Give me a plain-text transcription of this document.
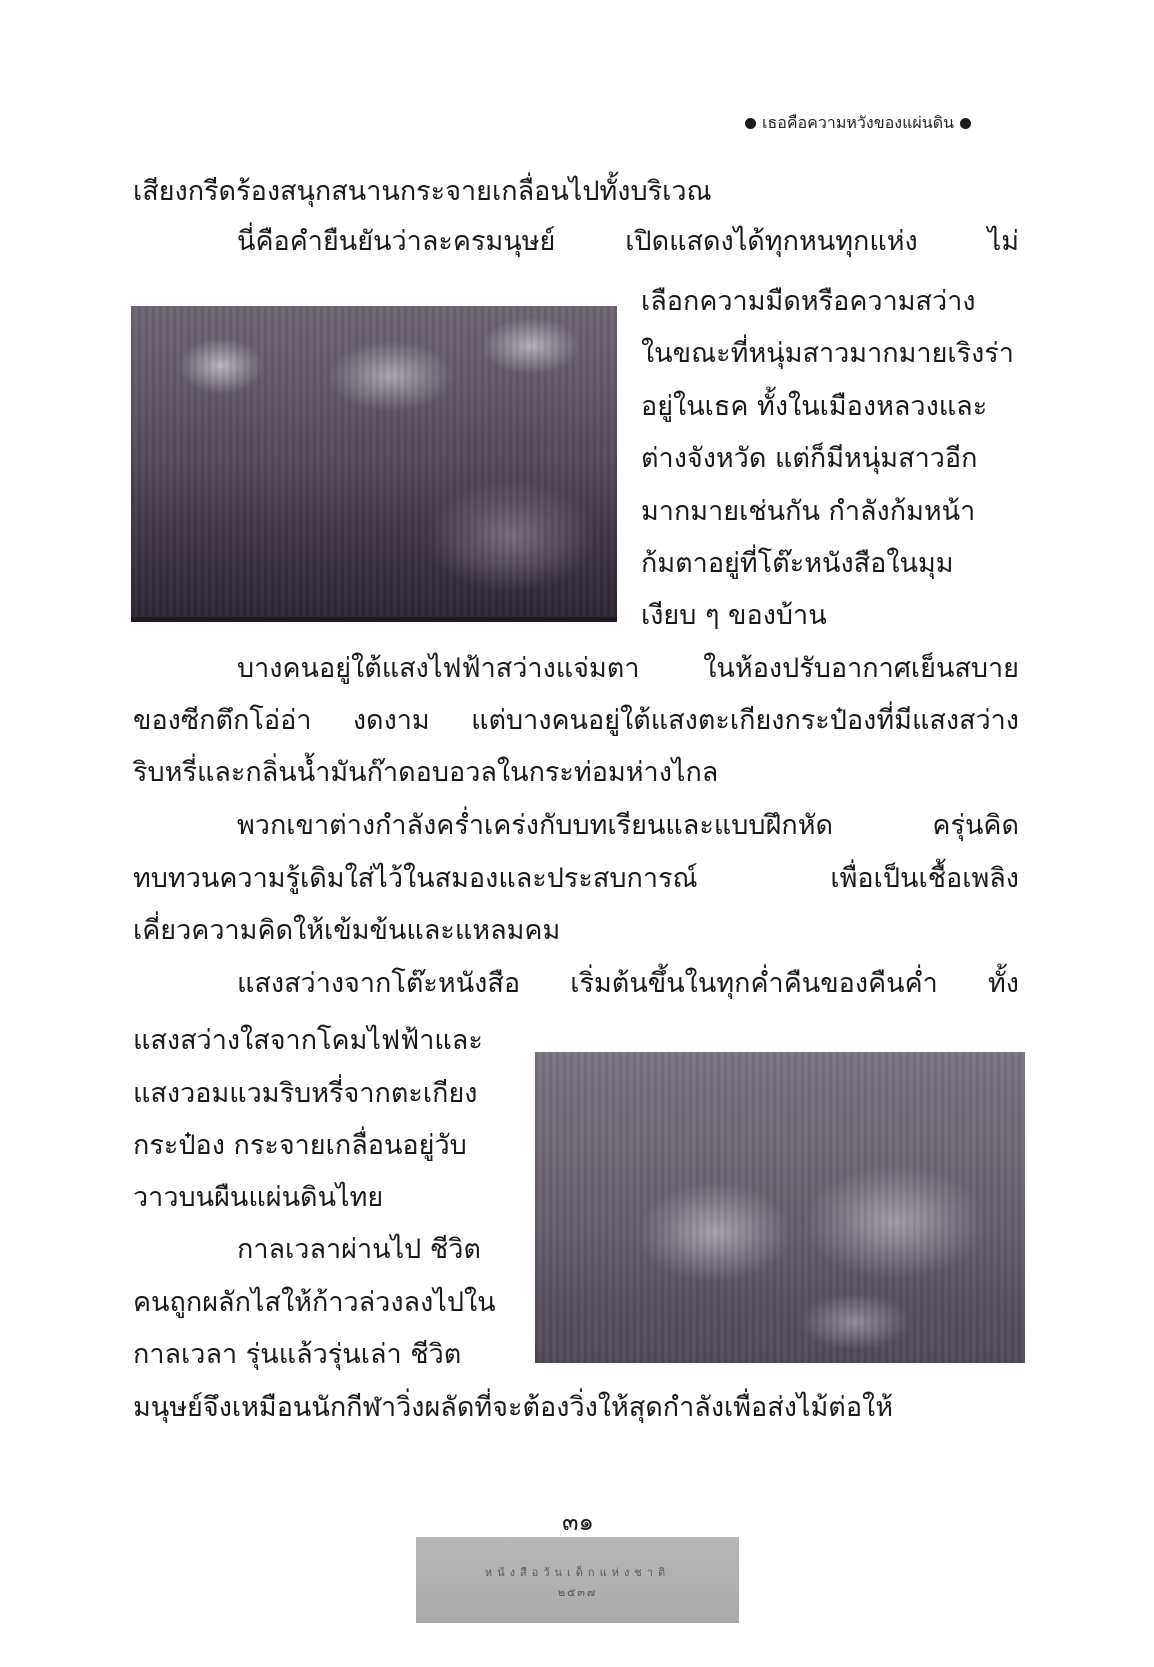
เธอคือความหวังของแผ่นดิน
เสียงกรีดร้องสนุกสนานกระจายเกลื่อนไปทั้งบริเวณ
นี่คือคำยืนยันว่าละครมนุษย์ เปิดแสดงได้ทุกหนทุกแห่ง ไม่
เลือกความมืดหรือความสว่าง
ในขณะที่หนุ่มสาวมากมายเริงร่า
อยู่ในเธค ทั้งในเมืองหลวงและ
ต่างจังหวัด แต่ก็มีหนุ่มสาวอีก
มากมายเช่นกัน กำลังก้มหน้า
ก้มตาอยู่ที่โต๊ะหนังสือในมุม
เงียบ ๆ ของบ้าน
บางคนอยู่ใต้แสงไฟฟ้าสว่างแจ่มตา ในห้องปรับอากาศเย็นสบาย
ของซีกตึกโอ่อ่า งดงาม แต่บางคนอยู่ใต้แสงตะเกียงกระป๋องที่มีแสงสว่าง
ริบหรี่และกลิ่นน้ำมันก๊าดอบอวลในกระท่อมห่างไกล
พวกเขาต่างกำลังคร่ำเคร่งกับบทเรียนและแบบฝึกหัด ครุ่นคิด
ทบทวนความรู้เดิมใส่ไว้ในสมองและประสบการณ์ เพื่อเป็นเชื้อเพลิง
เคี่ยวความคิดให้เข้มข้นและแหลมคม
แสงสว่างจากโต๊ะหนังสือ เริ่มต้นขึ้นในทุกค่ำคืนของคืนค่ำ ทั้ง
แสงสว่างใสจากโคมไฟฟ้าและ
แสงวอมแวมริบหรี่จากตะเกียง
กระป๋อง กระจายเกลื่อนอยู่วับ
วาวบนผืนแผ่นดินไทย
กาลเวลาผ่านไป ชีวิต
คนถูกผลักไสให้ก้าวล่วงลงไปใน
กาลเวลา รุ่นแล้วรุ่นเล่า ชีวิต
มนุษย์จึงเหมือนนักกีฬาวิ่งผลัดที่จะต้องวิ่งให้สุดกำลังเพื่อส่งไม้ต่อให้
๓๑
หนังสือวันเด็กแห่งชาติ
๒๕๓๗
